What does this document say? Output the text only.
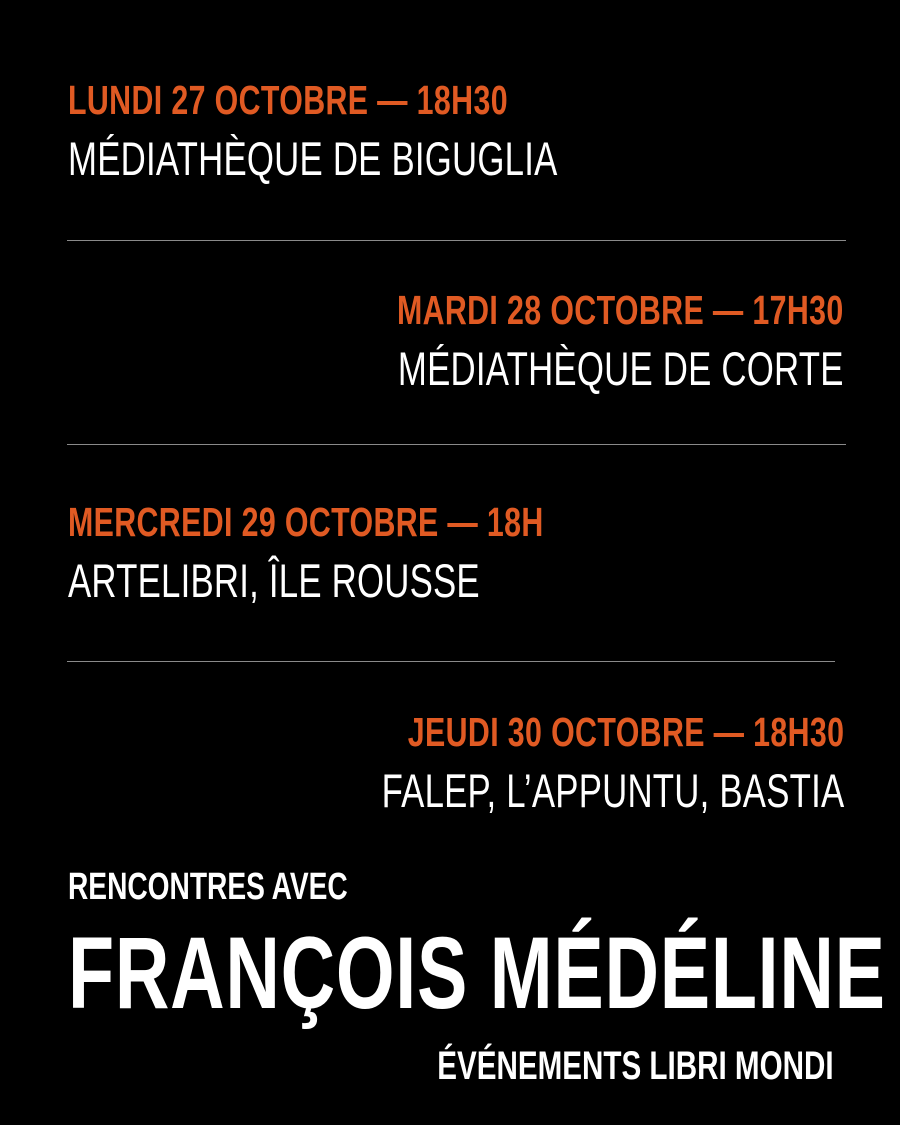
LUNDI 27 OCTOBRE — 18H30
MÉDIATHÈQUE DE BIGUGLIA
MARDI 28 OCTOBRE — 17H30
MÉDIATHÈQUE DE CORTE
MERCREDI 29 OCTOBRE — 18H
ARTELIBRI, ÎLE ROUSSE
JEUDI 30 OCTOBRE — 18H30
FALEP, L’APPUNTU, BASTIA
RENCONTRES AVEC
FRANÇOIS MÉDÉLINE
ÉVÉNEMENTS LIBRI MONDI
